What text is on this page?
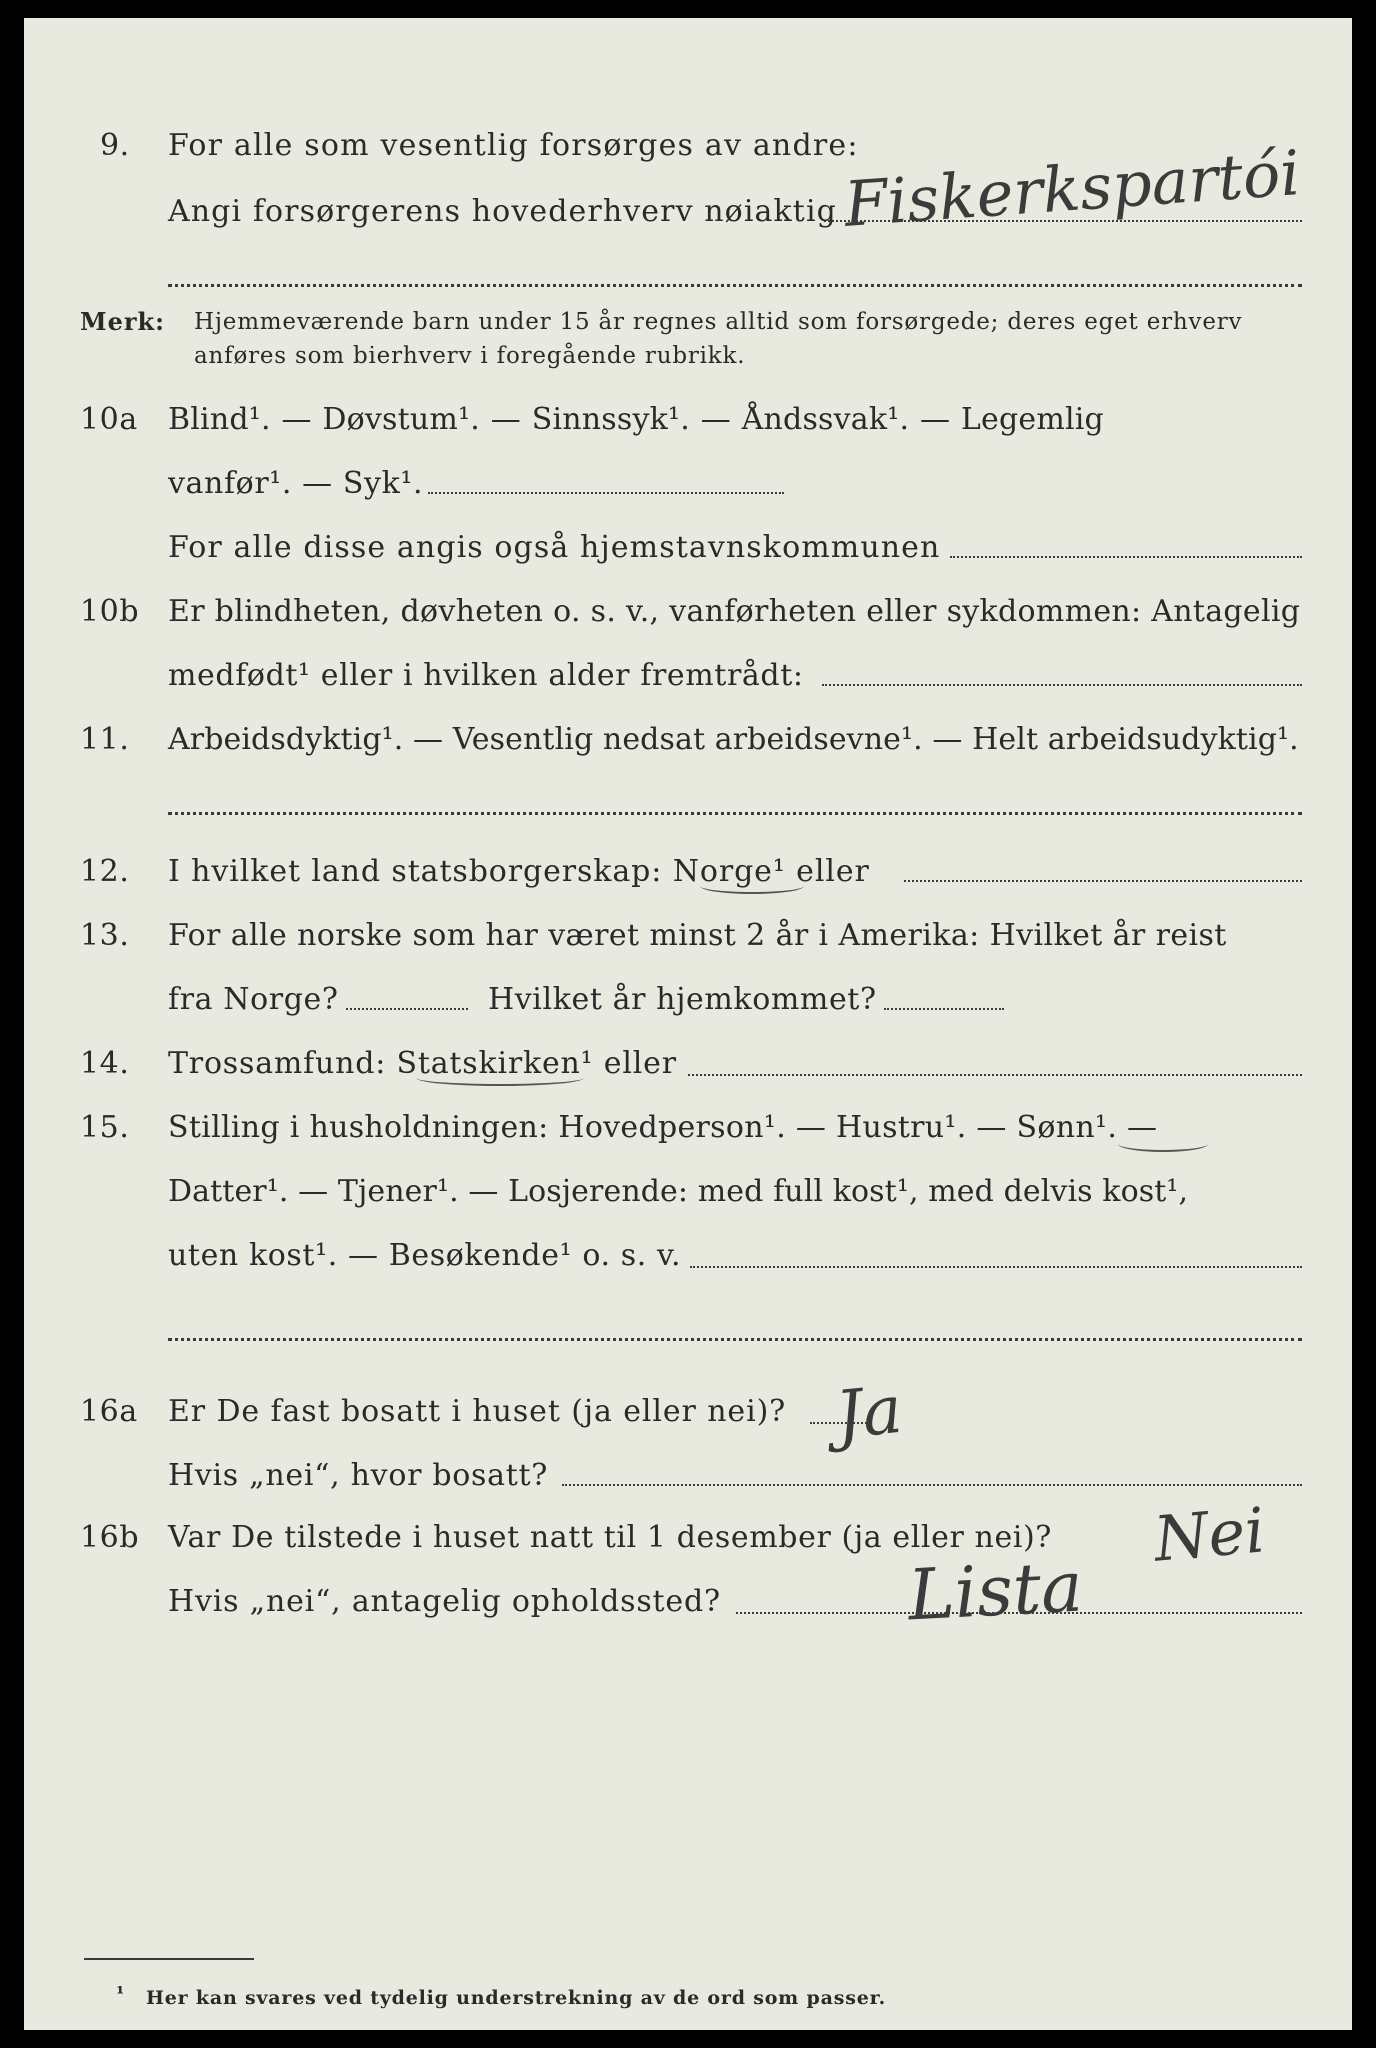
9. For alle som vesentlig forsørges av andre:
Angi forsørgerens hovederhverv nøiaktig Fiskerkspartói
Merk: Hjemmeværende barn under 15 år regnes alltid som forsørgede; deres eget erhverv
anføres som bierhverv i foregående rubrikk.
10a Blind¹. — Døvstum¹. — Sinnssyk¹. — Åndssvak¹. — Legemlig
vanfør¹. — Syk¹.
For alle disse angis også hjemstavnskommunen
10b Er blindheten, døvheten o. s. v., vanførheten eller sykdommen: Antagelig
medfødt¹ eller i hvilken alder fremtrådt:
11. Arbeidsdyktig¹. — Vesentlig nedsat arbeidsevne¹. — Helt arbeidsudyktig¹.
12. I hvilket land statsborgerskap: Norge¹ eller
13. For alle norske som har været minst 2 år i Amerika: Hvilket år reist
fra Norge?	Hvilket år hjemkommet?
14. Trossamfund: Statskirken¹ eller
15. Stilling i husholdningen: Hovedperson¹. — Hustru¹. — Sønn¹. —
Datter¹. — Tjener¹. — Losjerende: med full kost¹, med delvis kost¹,
uten kost¹. — Besøkende¹ o. s. v.
16a Er De fast bosatt i huset (ja eller nei)? Ja
Hvis „nei“, hvor bosatt?
16b Var De tilstede i huset natt til 1 desember (ja eller nei)? Nei
Hvis „nei“, antagelig opholdssted?	Lista
¹ Her kan svares ved tydelig understrekning av de ord som passer.
